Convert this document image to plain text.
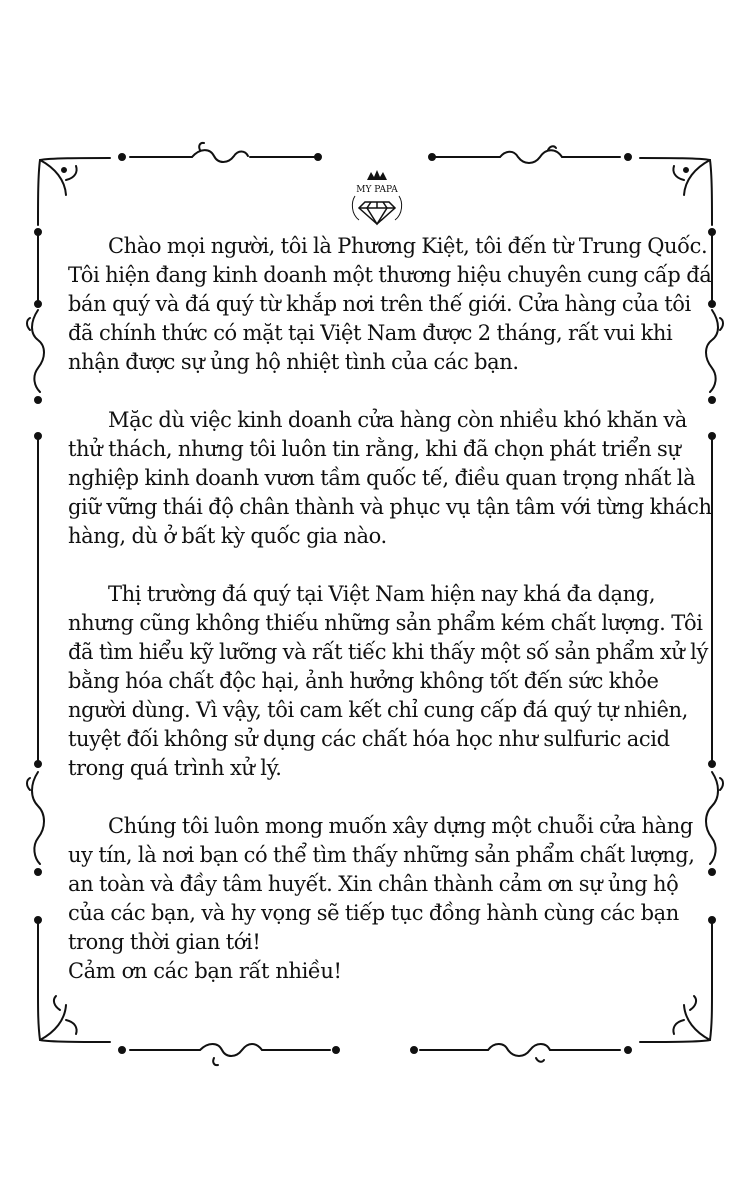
MY PAPA

Chào mọi người, tôi là Phương Kiệt, tôi đến từ Trung Quốc. Tôi hiện đang kinh doanh một thương hiệu chuyên cung cấp đá bán quý và đá quý từ khắp nơi trên thế giới. Cửa hàng của tôi đã chính thức có mặt tại Việt Nam được 2 tháng, rất vui khi nhận được sự ủng hộ nhiệt tình của các bạn.

Mặc dù việc kinh doanh cửa hàng còn nhiều khó khăn và thử thách, nhưng tôi luôn tin rằng, khi đã chọn phát triển sự nghiệp kinh doanh vươn tầm quốc tế, điều quan trọng nhất là giữ vững thái độ chân thành và phục vụ tận tâm với từng khách hàng, dù ở bất kỳ quốc gia nào.

Thị trường đá quý tại Việt Nam hiện nay khá đa dạng, nhưng cũng không thiếu những sản phẩm kém chất lượng. Tôi đã tìm hiểu kỹ lưỡng và rất tiếc khi thấy một số sản phẩm xử lý bằng hóa chất độc hại, ảnh hưởng không tốt đến sức khỏe người dùng. Vì vậy, tôi cam kết chỉ cung cấp đá quý tự nhiên, tuyệt đối không sử dụng các chất hóa học như sulfuric acid trong quá trình xử lý.

Chúng tôi luôn mong muốn xây dựng một chuỗi cửa hàng uy tín, là nơi bạn có thể tìm thấy những sản phẩm chất lượng, an toàn và đầy tâm huyết. Xin chân thành cảm ơn sự ủng hộ của các bạn, và hy vọng sẽ tiếp tục đồng hành cùng các bạn trong thời gian tới!

Cảm ơn các bạn rất nhiều!
